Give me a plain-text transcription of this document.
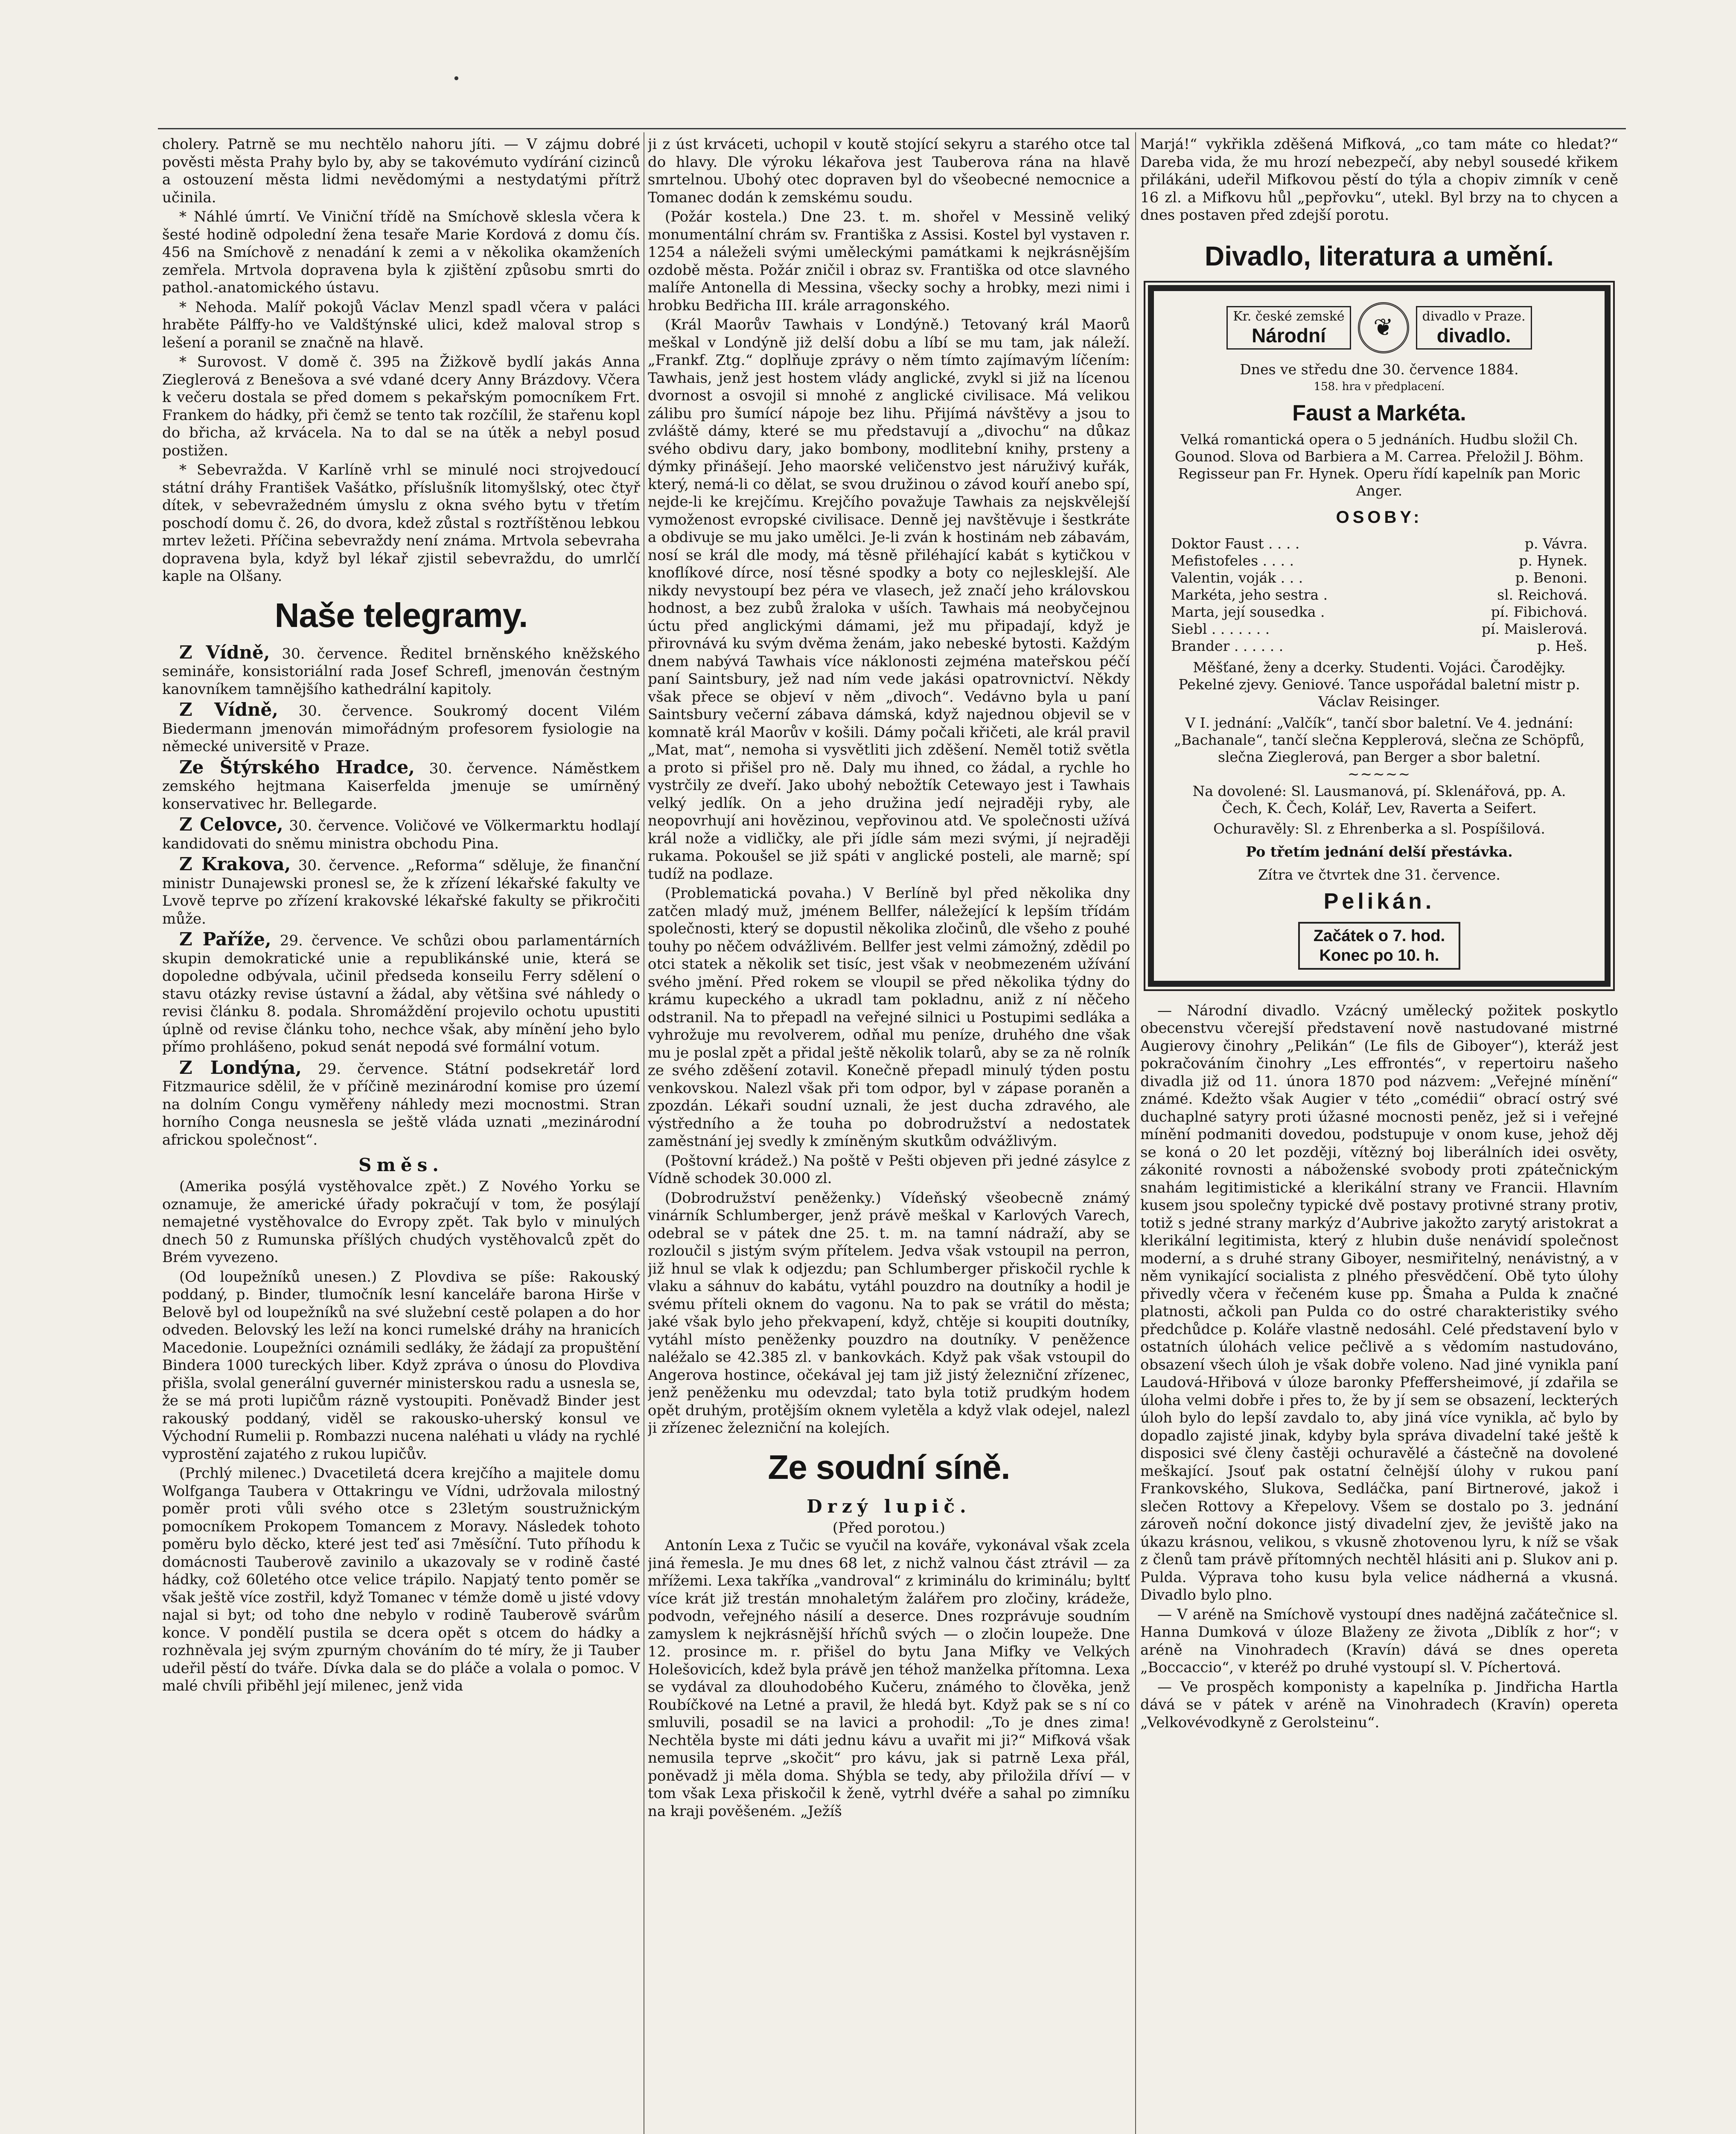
•

cholery. Patrně se mu nechtělo nahoru jíti. — V zájmu dobré pověsti města Prahy bylo by, aby se takovémuto vydírání cizinců a ostouzení města lidmi nevědomými a nestydatými přítrž učinila.

* Náhlé úmrtí. Ve Viniční třídě na Smíchově sklesla včera k šesté hodině odpolední žena tesaře Marie Kordová z domu čís. 456 na Smíchově z nenadání k zemi a v několika okamženích zemřela. Mrtvola dopravena byla k zjištění způsobu smrti do pathol.-anatomického ústavu.

* Nehoda. Malíř pokojů Václav Menzl spadl včera v paláci hraběte Pálffy-ho ve Valdštýnské ulici, kdež maloval strop s lešení a poranil se značně na hlavě.

* Surovost. V domě č. 395 na Žižkově bydlí jakás Anna Zieglerová z Benešova a své vdané dcery Anny Brázdovy. Včera k večeru dostala se před domem s pekařským pomocníkem Frt. Frankem do hádky, při čemž se tento tak rozčílil, že stařenu kopl do břicha, až krvácela. Na to dal se na útěk a nebyl posud postižen.

* Sebevražda. V Karlíně vrhl se minulé noci strojvedoucí státní dráhy František Vašátko, příslušník litomyšlský, otec čtyř dítek, v sebevražedném úmyslu z okna svého bytu v třetím poschodí domu č. 26, do dvora, kdež zůstal s roztříštěnou lebkou mrtev ležeti. Příčina sebevraždy není známa. Mrtvola sebevraha dopravena byla, když byl lékař zjistil sebevraždu, do umrlčí kaple na Olšany.

Naše telegramy.

Z Vídně, 30. července. Ředitel brněnského kněžského semináře, konsistoriální rada Josef Schrefl, jmenován čestným kanovníkem tamnějšího kathedrální kapitoly.

Z Vídně, 30. července. Soukromý docent Vilém Biedermann jmenován mimořádným profesorem fysiologie na německé universitě v Praze.

Ze Štýrského Hradce, 30. července. Náměstkem zemského hejtmana Kaiserfelda jmenuje se umírněný konservativec hr. Bellegarde.

Z Celovce, 30. července. Voličové ve Völkermarktu hodlají kandidovati do sněmu ministra obchodu Pina.

Z Krakova, 30. července. „Reforma“ sděluje, že finanční ministr Dunajewski pronesl se, že k zřízení lékařské fakulty ve Lvově teprve po zřízení krakovské lékařské fakulty se přikročiti může.

Z Paříže, 29. července. Ve schůzi obou parlamentárních skupin demokratické unie a republikánské unie, která se dopoledne odbývala, učinil předseda konseilu Ferry sdělení o stavu otázky revise ústavní a žádal, aby většina své náhledy o revisi článku 8. podala. Shromáždění projevilo ochotu upustiti úplně od revise článku toho, nechce však, aby mínění jeho bylo přímo prohlášeno, pokud senát nepodá své formální votum.

Z Londýna, 29. července. Státní podsekretář lord Fitzmaurice sdělil, že v příčině mezinárodní komise pro území na dolním Congu vyměřeny náhledy mezi mocnostmi. Stran horního Conga neusnesla se ještě vláda uznati „mezinárodní africkou společnost“.

Směs.

(Amerika posýlá vystěhovalce zpět.) Z Nového Yorku se oznamuje, že americké úřady pokračují v tom, že posýlají nemajetné vystěhovalce do Evropy zpět. Tak bylo v minulých dnech 50 z Rumunska příšlých chudých vystěhovalců zpět do Brém vyvezeno.

(Od loupežníků unesen.) Z Plovdiva se píše: Rakouský poddaný, p. Binder, tlumočník lesní kanceláře barona Hirše v Belově byl od loupežníků na své služební cestě polapen a do hor odveden. Belovský les leží na konci rumelské dráhy na hranicích Macedonie. Loupežníci oznámili sedláky, že žádají za propuštění Bindera 1000 tureckých liber. Když zpráva o únosu do Plovdiva přišla, svolal generální guvernér ministerskou radu a usnesla se, že se má proti lupičům rázně vystoupiti. Poněvadž Binder jest rakouský poddaný, viděl se rakousko-uherský konsul ve Východní Rumelii p. Rombazzi nucena naléhati u vlády na rychlé vyprostění zajatého z rukou lupičův.

(Prchlý milenec.) Dvacetiletá dcera krejčího a majitele domu Wolfganga Taubera v Ottakringu ve Vídni, udržovala milostný poměr proti vůli svého otce s 23letým soustružnickým pomocníkem Prokopem Tomancem z Moravy. Následek tohoto poměru bylo děcko, které jest teď asi 7měsíční. Tuto příhodu k domácnosti Tauberově zavinilo a ukazovaly se v rodině časté hádky, což 60letého otce velice trápilo. Napjatý tento poměr se však ještě více zostřil, když Tomanec v témže domě u jisté vdovy najal si byt; od toho dne nebylo v rodině Tauberově svárům konce. V pondělí pustila se dcera opět s otcem do hádky a rozhněvala jej svým zpurným chováním do té míry, že ji Tauber udeřil pěstí do tváře. Dívka dala se do pláče a volala o pomoc. V malé chvíli přiběhl její milenec, jenž vida

ji z úst krváceti, uchopil v koutě stojící sekyru a starého otce tal do hlavy. Dle výroku lékařova jest Tauberova rána na hlavě smrtelnou. Ubohý otec dopraven byl do všeobecné nemocnice a Tomanec dodán k zemskému soudu.

(Požár kostela.) Dne 23. t. m. shořel v Messině veliký monumentální chrám sv. Františka z Assisi. Kostel byl vystaven r. 1254 a náleželi svými uměleckými památkami k nejkrásnějším ozdobě města. Požár zničil i obraz sv. Františka od otce slavného malíře Antonella di Messina, všecky sochy a hrobky, mezi nimi i hrobku Bedřicha III. krále arragonského.

(Král Maorův Tawhais v Londýně.) Tetovaný král Maorů meškal v Londýně již delší dobu a líbí se mu tam, jak náleží. „Frankf. Ztg.“ doplňuje zprávy o něm tímto zajímavým líčením: Tawhais, jenž jest hostem vlády anglické, zvykl si již na lícenou dvornost a osvojil si mnohé z anglické civilisace. Má velikou zálibu pro šumící nápoje bez lihu. Přijímá návštěvy a jsou to zvláště dámy, které se mu představují a „divochu“ na důkaz svého obdivu dary, jako bombony, modlitební knihy, prsteny a dýmky přinášejí. Jeho maorské veličenstvo jest náruživý kuřák, který, nemá-li co dělat, se svou družinou o závod kouří anebo spí, nejde-li ke krejčímu. Krejčího považuje Tawhais za nejskvělejší vymoženost evropské civilisace. Denně jej navštěvuje i šestkráte a obdivuje se mu jako umělci. Je-li zván k hostinám neb zábavám, nosí se král dle mody, má těsně přiléhající kabát s kytičkou v knoflíkové dírce, nosí těsné spodky a boty co nejlesklejší. Ale nikdy nevystoupí bez péra ve vlasech, jež značí jeho královskou hodnost, a bez zubů žraloka v uších. Tawhais má neobyčejnou úctu před anglickými dámami, jež mu připadají, když je přirovnává ku svým dvěma ženám, jako nebeské bytosti. Každým dnem nabývá Tawhais více náklonosti zejména mateřskou péčí paní Saintsbury, jež nad ním vede jakási opatrovnictví. Někdy však přece se objeví v něm „divoch“. Vedávno byla u paní Saintsbury večerní zábava dámská, když najednou objevil se v komnatě král Maorův v košili. Dámy počali křičeti, ale král pravil „Mat, mat“, nemoha si vysvětliti jich zděšení. Neměl totiž světla a proto si přišel pro ně. Daly mu ihned, co žádal, a rychle ho vystrčily ze dveří. Jako ubohý nebožtík Cetewayo jest i Tawhais velký jedlík. On a jeho družina jedí nejraději ryby, ale neopovrhují ani hovězinou, vepřovinou atd. Ve společnosti užívá král nože a vidličky, ale při jídle sám mezi svými, jí nejraději rukama. Pokoušel se již spáti v anglické posteli, ale marně; spí tudíž na podlaze.

(Problematická povaha.) V Berlíně byl před několika dny zatčen mladý muž, jménem Bellfer, náležející k lepším třídám společnosti, který se dopustil několika zločinů, dle všeho z pouhé touhy po něčem odvážlivém. Bellfer jest velmi zámožný, zdědil po otci statek a několik set tisíc, jest však v neobmezeném užívání svého jmění. Před rokem se vloupil se před několika týdny do krámu kupeckého a ukradl tam pokladnu, aniž z ní něčeho odstranil. Na to přepadl na veřejné silnici u Postupimi sedláka a vyhrožuje mu revolverem, odňal mu peníze, druhého dne však mu je poslal zpět a přidal ještě několik tolarů, aby se za ně rolník ze svého zděšení zotavil. Konečně přepadl minulý týden postu venkovskou. Nalezl však při tom odpor, byl v zápase poraněn a zpozdán. Lékaři soudní uznali, že jest ducha zdravého, ale výstředního a že touha po dobrodružství a nedostatek zaměstnání jej svedly k zmíněným skutkům odvážlivým.

(Poštovní krádež.) Na poště v Pešti objeven při jedné zásylce z Vídně schodek 30.000 zl.

(Dobrodružství peněženky.) Vídeňský všeobecně známý vinárník Schlumberger, jenž právě meškal v Karlových Varech, odebral se v pátek dne 25. t. m. na tamní nádraží, aby se rozloučil s jistým svým přítelem. Jedva však vstoupil na perron, již hnul se vlak k odjezdu; pan Schlumberger přiskočil rychle k vlaku a sáhnuv do kabátu, vytáhl pouzdro na doutníky a hodil je svému příteli oknem do vagonu. Na to pak se vrátil do města; jaké však bylo jeho překvapení, když, chtěje si koupiti doutníky, vytáhl místo peněženky pouzdro na doutníky. V peněžence naléžalo se 42.385 zl. v bankovkách. Když pak však vstoupil do Angerova hostince, očekával jej tam již jistý železniční zřízenec, jenž peněženku mu odevzdal; tato byla totiž prudkým hodem opět druhým, protějším oknem vyletěla a když vlak odejel, nalezl ji zřízenec železniční na kolejích.

Ze soudní síně.
Drzý lupič.
(Před porotou.)

Antonín Lexa z Tučic se vyučil na kováře, vykonával však zcela jiná řemesla. Je mu dnes 68 let, z nichž valnou část ztrávil — za mřížemi. Lexa takříka „vandroval“ z kriminálu do kriminálu; byltť více krát již trestán mnohaletým žalářem pro zločiny, krádeže, podvodn, veřejného násilí a deserce. Dnes rozprávuje soudním zamyslem k nejkrásnější hříchů svých — o zločin loupeže. Dne 12. prosince m. r. přišel do bytu Jana Mifky ve Velkých Holešovicích, kdež byla právě jen téhož manželka přítomna. Lexa se vydával za dlouhodobého Kučeru, známého to člověka, jenž Roubíčkové na Letné a pravil, že hledá byt. Když pak se s ní co smluvili, posadil se na lavici a prohodil: „To je dnes zima! Nechtěla byste mi dáti jednu kávu a uvařit mi ji?“ Mifková však nemusila teprve „skočit“ pro kávu, jak si patrně Lexa přál, poněvadž ji měla doma. Shýbla se tedy, aby přiložila dříví — v tom však Lexa přiskočil k ženě, vytrhl dvéře a sahal po zimníku na kraji pověšeném. „Ježíš

Marjá!“ vykřikla zděšená Mifková, „co tam máte co hledat?“ Dareba vida, že mu hrozí nebezpečí, aby nebyl sousedé křikem přilákáni, udeřil Mifkovou pěstí do týla a chopiv zimník v ceně 16 zl. a Mifkovu hůl „pepřovku“, utekl. Byl brzy na to chycen a dnes postaven před zdejší porotu.

Divadlo, literatura a umění.
Kr. české zemské
Národní	❦	divadlo v Praze.
divadlo.
Dnes ve středu dne 30. července 1884.
158. hra v předplacení.
Faust a Markéta.
Velká romantická opera o 5 jednáních. Hudbu složil Ch. Gounod. Slova od Barbiera a M. Carrea. Přeložil J. Böhm. Regisseur pan Fr. Hynek. Operu řídí kapelník pan Moric Anger.
OSOBY:
Doktor Faust . . . .	p. Vávra.
Mefistofeles . . . .	p. Hynek.
Valentin, voják . . .	p. Benoni.
Markéta, jeho sestra .	sl. Reichová.
Marta, její sousedka .	pí. Fibichová.
Siebl . . . . . . .	pí. Maislerová.
Brander . . . . . .	p. Heš.
Měšťané, ženy a dcerky. Studenti. Vojáci. Čarodějky. Pekelné zjevy. Geniové. Tance uspořádal baletní mistr p. Václav Reisinger.
V I. jednání: „Valčík“, tančí sbor baletní. Ve 4. jednání: „Bachanale“, tančí slečna Kepplerová, slečna ze Schöpfů, slečna Zieglerová, pan Berger a sbor baletní.
~~~~~
Na dovolené: Sl. Lausmanová, pí. Sklenářová, pp. A. Čech, K. Čech, Kolář, Lev, Raverta a Seifert.
Ochuravěly: Sl. z Ehrenberka a sl. Pospíšilová.
Po třetím jednání delší přestávka.
Zítra ve čtvrtek dne 31. července.
Pelikán.
Začátek o 7. hod.
Konec po 10. h.

— Národní divadlo. Vzácný umělecký požitek poskytlo obecenstvu včerejší představení nově nastudované mistrné Augierovy činohry „Pelikán“ (Le fils de Giboyer“), kteráž jest pokračováním činohry „Les effrontés“, v repertoiru našeho divadla již od 11. února 1870 pod názvem: „Veřejné mínění“ známé. Kdežto však Augier v této „comédii“ obrací ostrý své duchaplné satyry proti úžasné mocnosti peněz, jež si i veřejné mínění podmaniti dovedou, podstupuje v onom kuse, jehož děj se koná o 20 let později, vítězný boj liberálních idei osvěty, zákonité rovnosti a náboženské svobody proti zpátečnickým snahám legitimistické a klerikální strany ve Francii. Hlavním kusem jsou společny typické dvě postavy protivné strany protiv, totiž s jedné strany markýz d’Aubrive jakožto zarytý aristokrat a klerikální legitimista, který z hlubin duše nenávidí společnost moderní, a s druhé strany Giboyer, nesmiřitelný, nenávistný, a v něm vynikající socialista z plného přesvědčení. Obě tyto úlohy přivedly včera v řečeném kuse pp. Šmaha a Pulda k značné platnosti, ačkoli pan Pulda co do ostré charakteristiky svého předchůdce p. Koláře vlastně nedosáhl. Celé představení bylo v ostatních úlohách velice pečlivě a s vědomím nastudováno, obsazení všech úloh je však dobře voleno. Nad jiné vynikla paní Laudová-Hřibová v úloze baronky Pfeffersheimové, jí zdařila se úloha velmi dobře i přes to, že by jí sem se obsazení, leckterých úloh bylo do lepší zavdalo to, aby jiná více vynikla, ač bylo by dopadlo zajisté jinak, kdyby byla správa divadelní také ještě k disposici své členy častěji ochuravělé a částečně na dovolené meškající. Jsouť pak ostatní čelnější úlohy v rukou paní Frankovského, Slukova, Sedláčka, paní Birtnerové, jakož i slečen Rottovy a Křepelovy. Všem se dostalo po 3. jednání zároveň noční dokonce jistý divadelní zjev, že jeviště jako na úkazu krásnou, velikou, s vkusně zhotovenou lyru, k níž se však z členů tam právě přítomných nechtěl hlásiti ani p. Slukov ani p. Pulda. Výprava toho kusu byla velice nádherná a vkusná. Divadlo bylo plno.

— V aréně na Smíchově vystoupí dnes nadějná začátečnice sl. Hanna Dumková v úloze Blaženy ze života „Diblík z hor“; v aréně na Vinohradech (Kravín) dává se dnes opereta „Boccaccio“, v kteréž po druhé vystoupí sl. V. Píchertová.

— Ve prospěch komponisty a kapelníka p. Jindřicha Hartla dává se v pátek v aréně na Vinohradech (Kravín) opereta „Velkovévodkyně z Gerolsteinu“.
